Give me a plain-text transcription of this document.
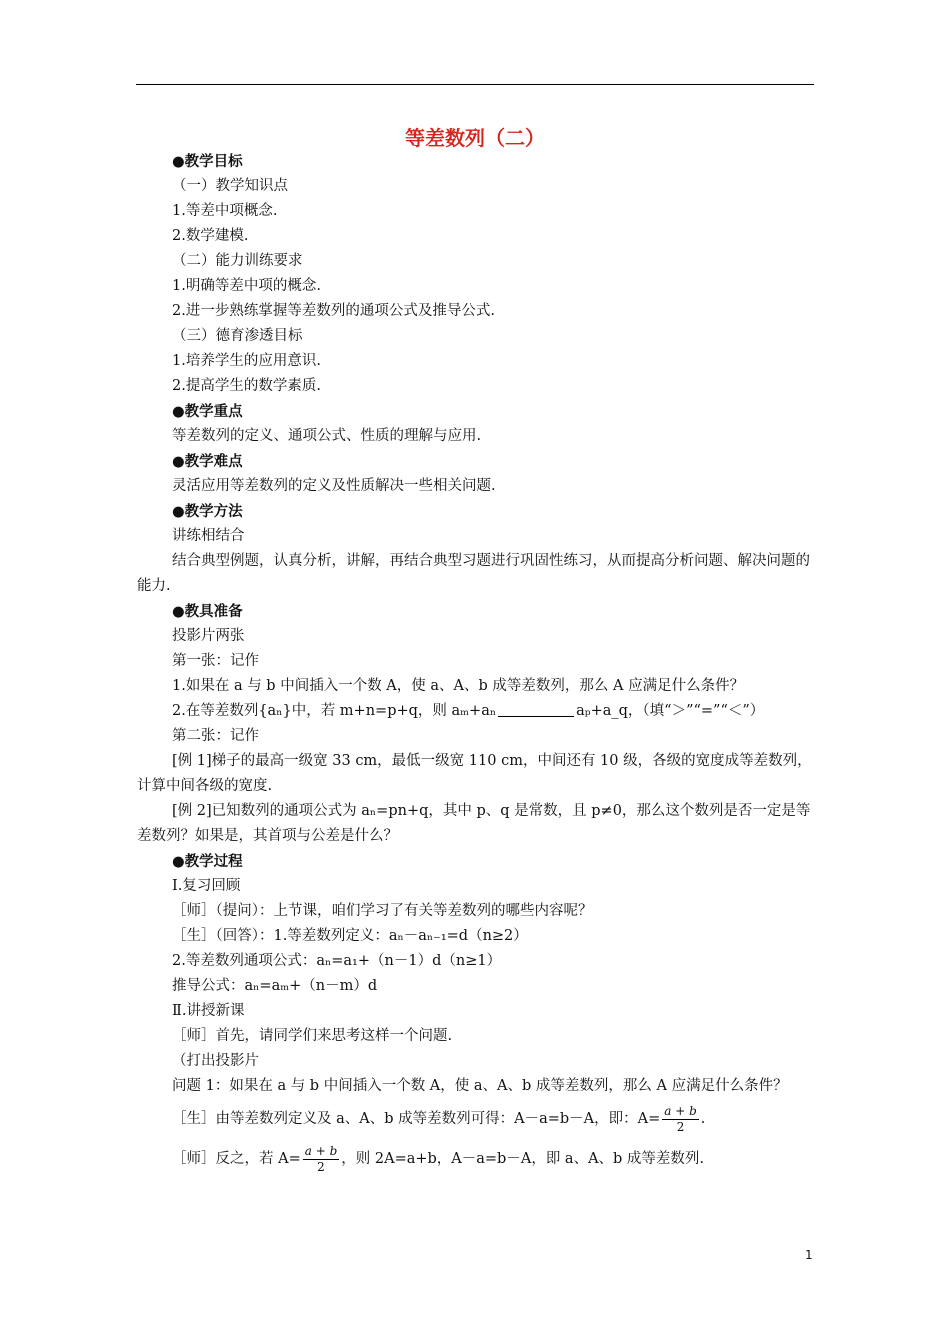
等差数列（二）
●教学目标
（一）教学知识点
1.等差中项概念.
2.数学建模.
（二）能力训练要求
1.明确等差中项的概念.
2.进一步熟练掌握等差数列的通项公式及推导公式.
（三）德育渗透目标
1.培养学生的应用意识.
2.提高学生的数学素质.
●教学重点
等差数列的定义、通项公式、性质的理解与应用.
●教学难点
灵活应用等差数列的定义及性质解决一些相关问题.
●教学方法
讲练相结合
结合典型例题，认真分析，讲解，再结合典型习题进行巩固性练习，从而提高分析问题、解决问题的能力.
●教具准备
投影片两张
第一张：记作
1.如果在 a 与 b 中间插入一个数 A，使 a、A、b 成等差数列，那么 A 应满足什么条件？
2.在等差数列{aₙ}中，若 m+n=p+q，则 aₘ+aₙ	aₚ+a_q，（填“＞”“=”“＜”）
第二张：记作
[例 1]梯子的最高一级宽 33 cm，最低一级宽 110 cm，中间还有 10 级，各级的宽度成等差数列，计算中间各级的宽度.
[例 2]已知数列的通项公式为 aₙ=pn+q，其中 p、q 是常数，且 p≠0，那么这个数列是否一定是等差数列？如果是，其首项与公差是什么？
●教学过程
Ⅰ.复习回顾
［师］（提问）：上节课，咱们学习了有关等差数列的哪些内容呢？
［生］（回答）：1.等差数列定义：aₙ－aₙ₋₁=d（n≥2）
2.等差数列通项公式：aₙ=a₁+（n－1）d（n≥1）
推导公式：aₙ=aₘ+（n－m）d
Ⅱ.讲授新课
［师］首先，请同学们来思考这样一个问题.
（打出投影片
问题 1：如果在 a 与 b 中间插入一个数 A，使 a、A、b 成等差数列，那么 A 应满足什么条件？
［生］由等差数列定义及 a、A、b 成等差数列可得：A－a=b－A，即：$A= \frac{a + b}{2}$ .
［师］反之，若 $A= \frac{a + b}{2}$ ，则 2A=a+b，A－a=b－A，即 a、A、b 成等差数列.
1
